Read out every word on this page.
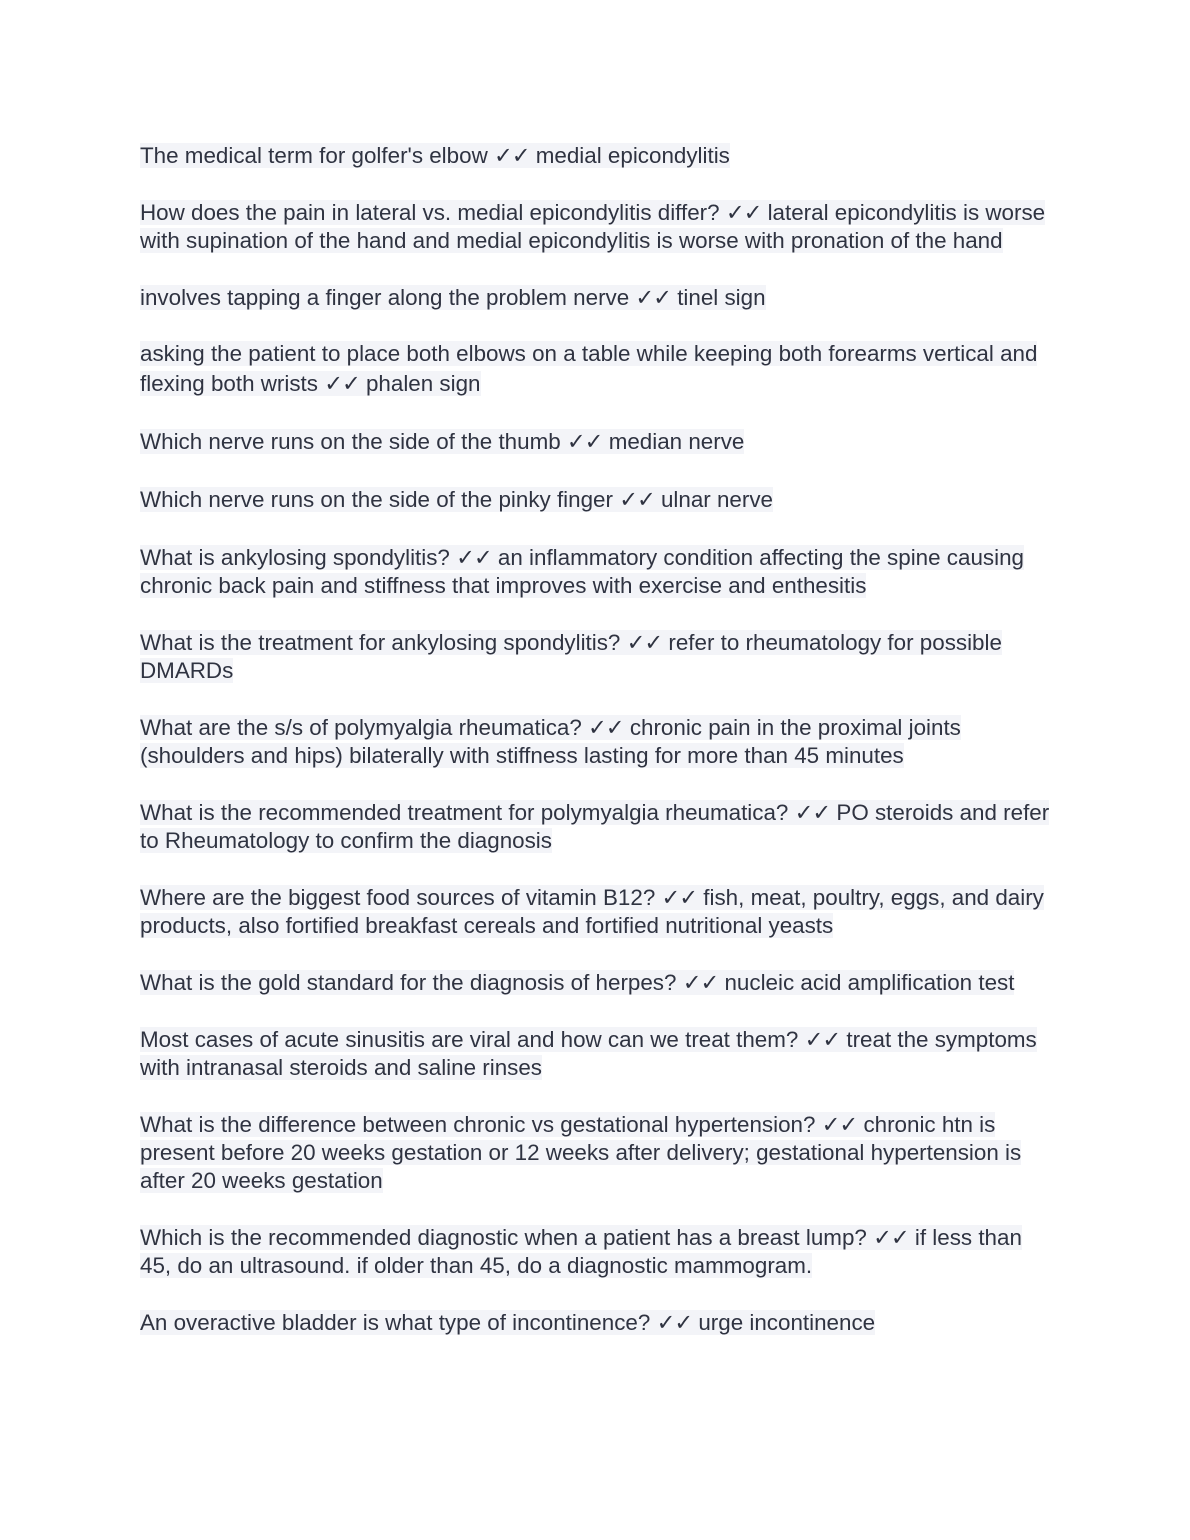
The medical term for golfer's elbow ✓✓ medial epicondylitis

How does the pain in lateral vs. medial epicondylitis differ? ✓✓ lateral epicondylitis is worse with supination of the hand and medial epicondylitis is worse with pronation of the hand

involves tapping a finger along the problem nerve ✓✓ tinel sign

asking the patient to place both elbows on a table while keeping both forearms vertical and flexing both wrists ✓✓ phalen sign

Which nerve runs on the side of the thumb ✓✓ median nerve

Which nerve runs on the side of the pinky finger ✓✓ ulnar nerve

What is ankylosing spondylitis? ✓✓ an inflammatory condition affecting the spine causing chronic back pain and stiffness that improves with exercise and enthesitis

What is the treatment for ankylosing spondylitis? ✓✓ refer to rheumatology for possible DMARDs

What are the s/s of polymyalgia rheumatica? ✓✓ chronic pain in the proximal joints (shoulders and hips) bilaterally with stiffness lasting for more than 45 minutes

What is the recommended treatment for polymyalgia rheumatica? ✓✓ PO steroids and refer to Rheumatology to confirm the diagnosis

Where are the biggest food sources of vitamin B12? ✓✓ fish, meat, poultry, eggs, and dairy products, also fortified breakfast cereals and fortified nutritional yeasts

What is the gold standard for the diagnosis of herpes? ✓✓ nucleic acid amplification test

Most cases of acute sinusitis are viral and how can we treat them? ✓✓ treat the symptoms with intranasal steroids and saline rinses

What is the difference between chronic vs gestational hypertension? ✓✓ chronic htn is present before 20 weeks gestation or 12 weeks after delivery; gestational hypertension is after 20 weeks gestation

Which is the recommended diagnostic when a patient has a breast lump? ✓✓ if less than 45, do an ultrasound. if older than 45, do a diagnostic mammogram.

An overactive bladder is what type of incontinence? ✓✓ urge incontinence
